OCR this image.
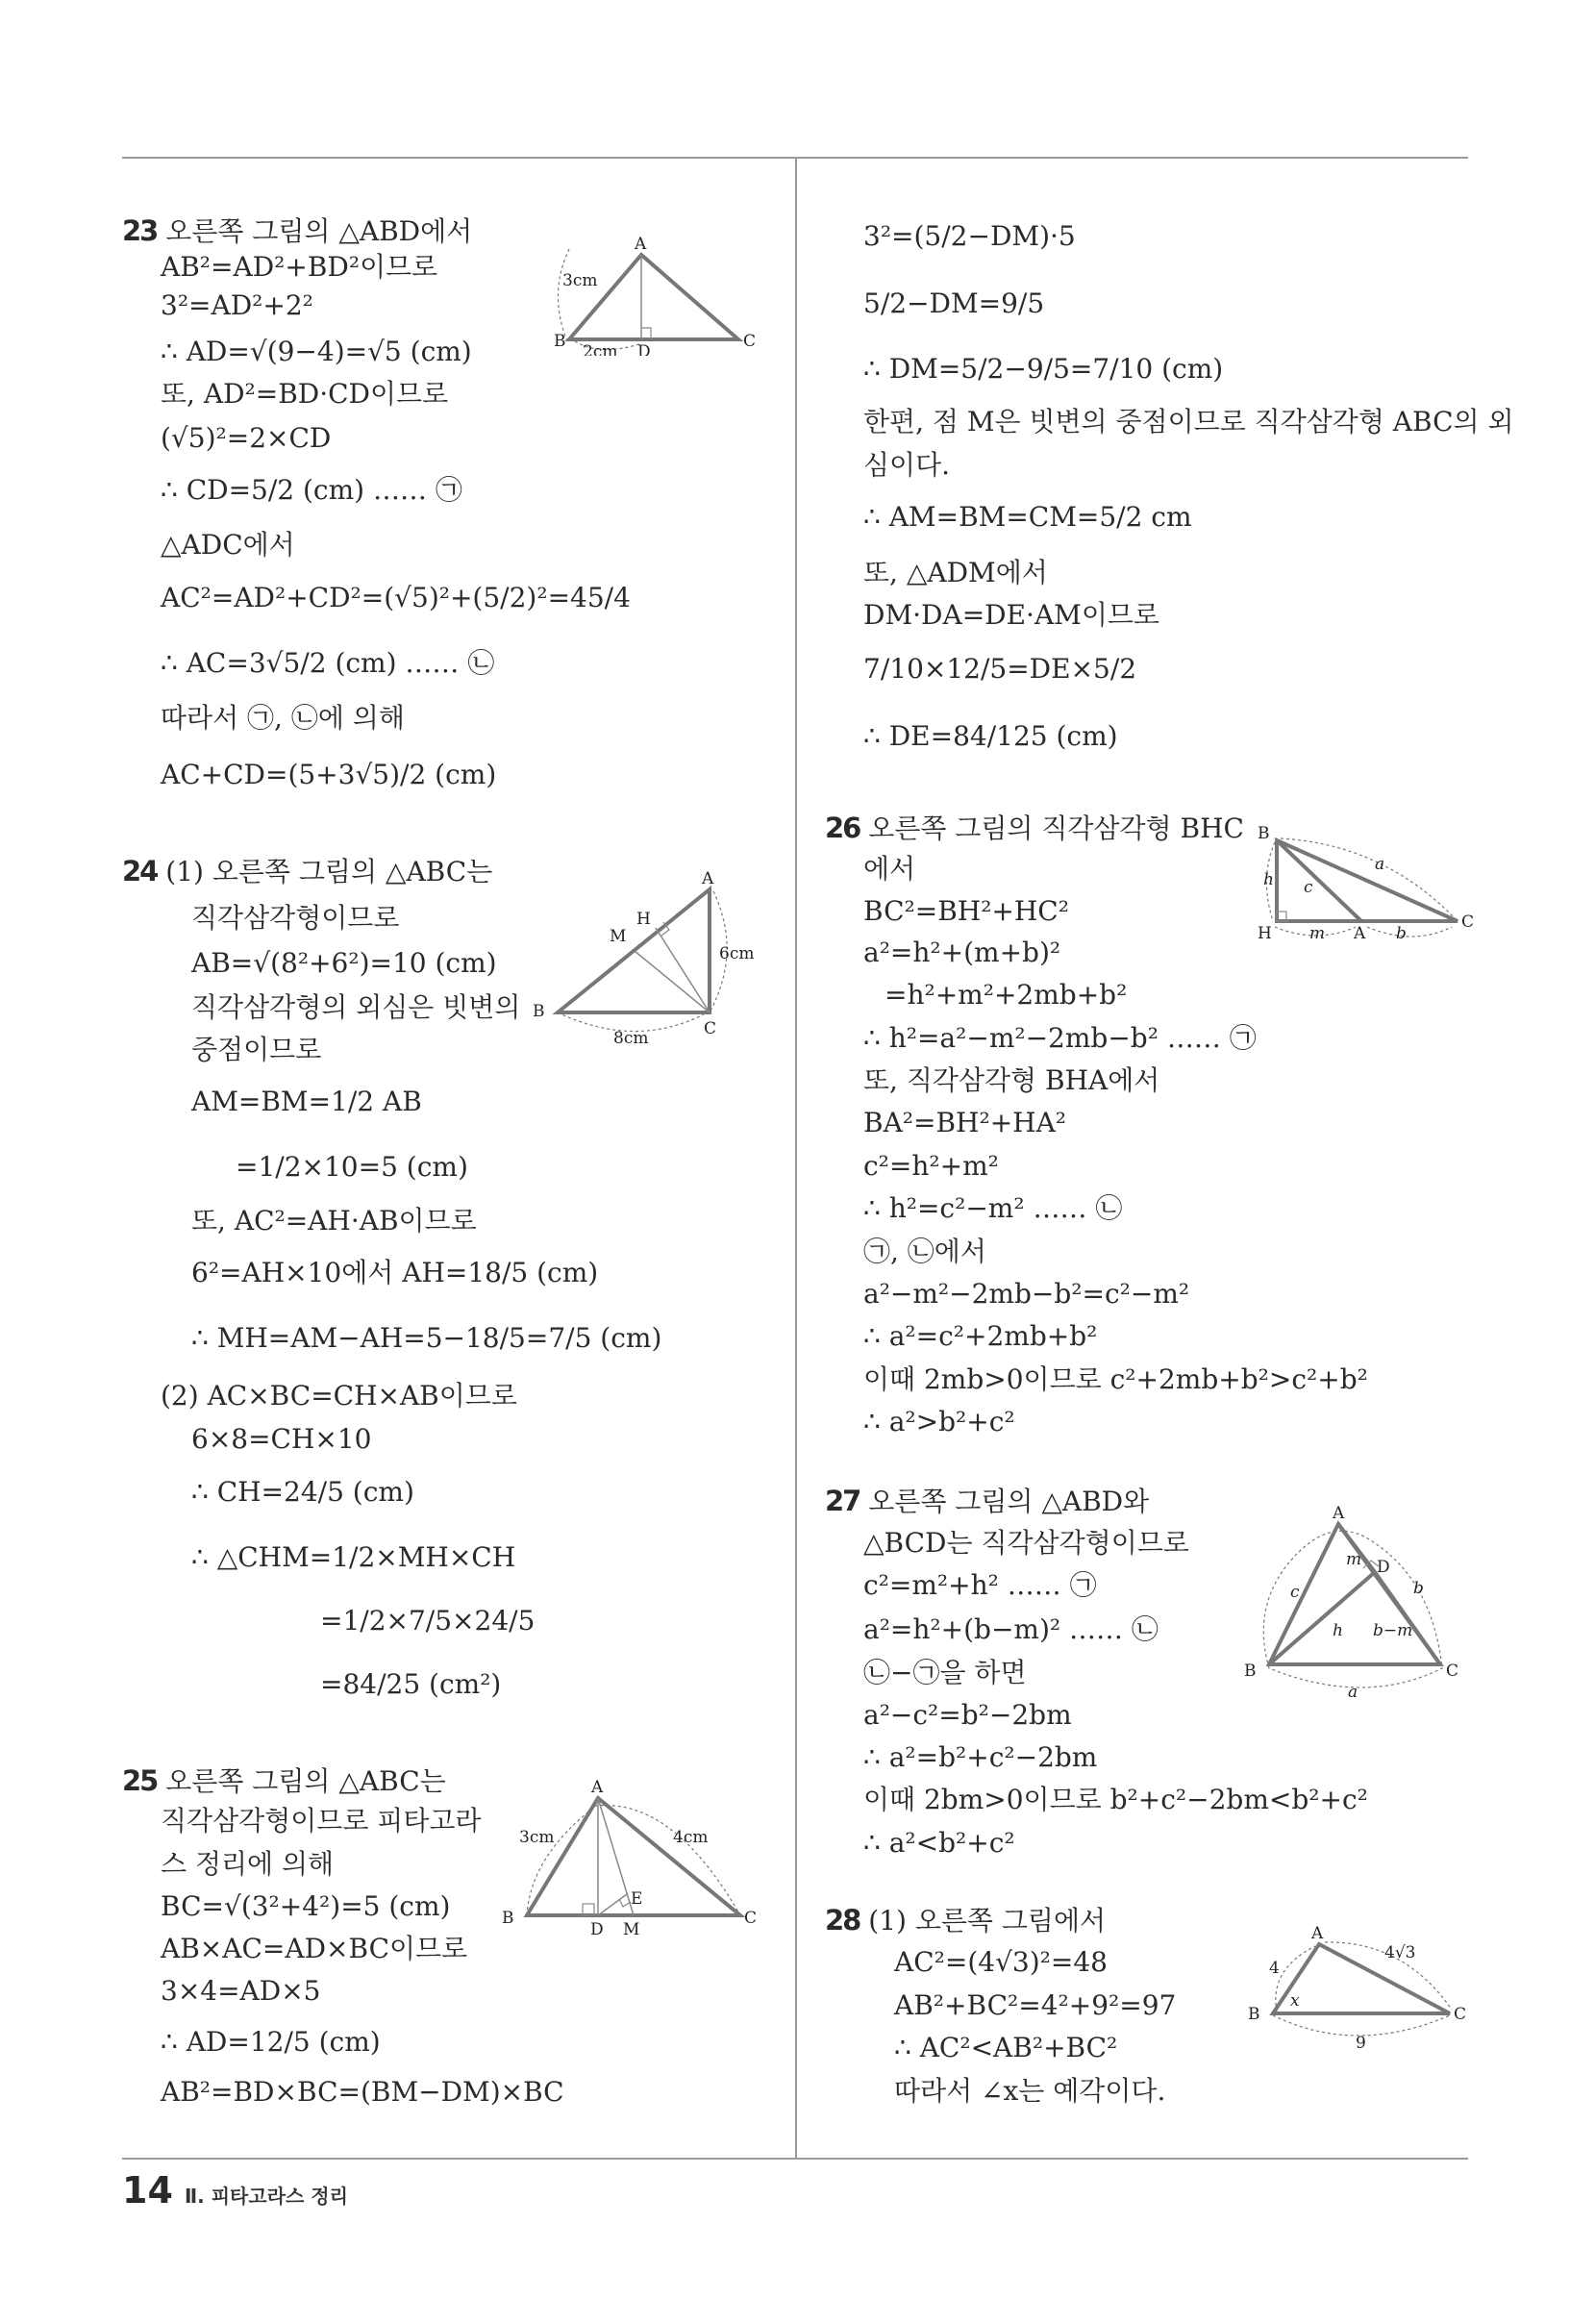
23 오른쪽 그림의 △ABD에서
AB²=AD²+BD²이므로
3²=AD²+2²
∴ AD=√(9−4)=√5 (cm)
또, AD²=BD·CD이므로
(√5)²=2×CD
∴ CD=5/2 (cm) …… ㉠
△ADC에서
AC²=AD²+CD²=(√5)²+(5/2)²=45/4
∴ AC=3√5/2 (cm) …… ㉡
따라서 ㉠, ㉡에 의해
AC+CD=(5+3√5)/2 (cm)
24 (1) 오른쪽 그림의 △ABC는
직각삼각형이므로
AB=√(8²+6²)=10 (cm)
직각삼각형의 외심은 빗변의
중점이므로
AM=BM=1/2 AB
=1/2×10=5 (cm)
또, AC²=AH·AB이므로
6²=AH×10에서 AH=18/5 (cm)
∴ MH=AM−AH=5−18/5=7/5 (cm)
(2) AC×BC=CH×AB이므로
6×8=CH×10
∴ CH=24/5 (cm)
∴ △CHM=1/2×MH×CH
=1/2×7/5×24/5
=84/25 (cm²)
25 오른쪽 그림의 △ABC는
직각삼각형이므로 피타고라
스 정리에 의해
BC=√(3²+4²)=5 (cm)
AB×AC=AD×BC이므로
3×4=AD×5
∴ AD=12/5 (cm)
AB²=BD×BC=(BM−DM)×BC
3²=(5/2−DM)·5
5/2−DM=9/5
∴ DM=5/2−9/5=7/10 (cm)
한편, 점 M은 빗변의 중점이므로 직각삼각형 ABC의 외
심이다.
∴ AM=BM=CM=5/2 cm
또, △ADM에서
DM·DA=DE·AM이므로
7/10×12/5=DE×5/2
∴ DE=84/125 (cm)
26 오른쪽 그림의 직각삼각형 BHC
에서
BC²=BH²+HC²
a²=h²+(m+b)²
=h²+m²+2mb+b²
∴ h²=a²−m²−2mb−b² …… ㉠
또, 직각삼각형 BHA에서
BA²=BH²+HA²
c²=h²+m²
∴ h²=c²−m² …… ㉡
㉠, ㉡에서
a²−m²−2mb−b²=c²−m²
∴ a²=c²+2mb+b²
이때 2mb>0이므로 c²+2mb+b²>c²+b²
∴ a²>b²+c²
27 오른쪽 그림의 △ABD와
△BCD는 직각삼각형이므로
c²=m²+h² …… ㉠
a²=h²+(b−m)² …… ㉡
㉡−㉠을 하면
a²−c²=b²−2bm
∴ a²=b²+c²−2bm
이때 2bm>0이므로 b²+c²−2bm<b²+c²
∴ a²<b²+c²
28 (1) 오른쪽 그림에서
AC²=(4√3)²=48
AB²+BC²=4²+9²=97
∴ AC²<AB²+BC²
따라서 ∠x는 예각이다.
A
B	C
D
3cm
2cm
A
B
C
H
M
6cm
8cm
A
B	C
D M
E
3cm	4cm
B
H	A
C
h c
m	b
a
A
B	C
D
m
c	b
h b−m
a
A
B	C
x
4
4√3
9
14 Ⅱ. 피타고라스 정리
